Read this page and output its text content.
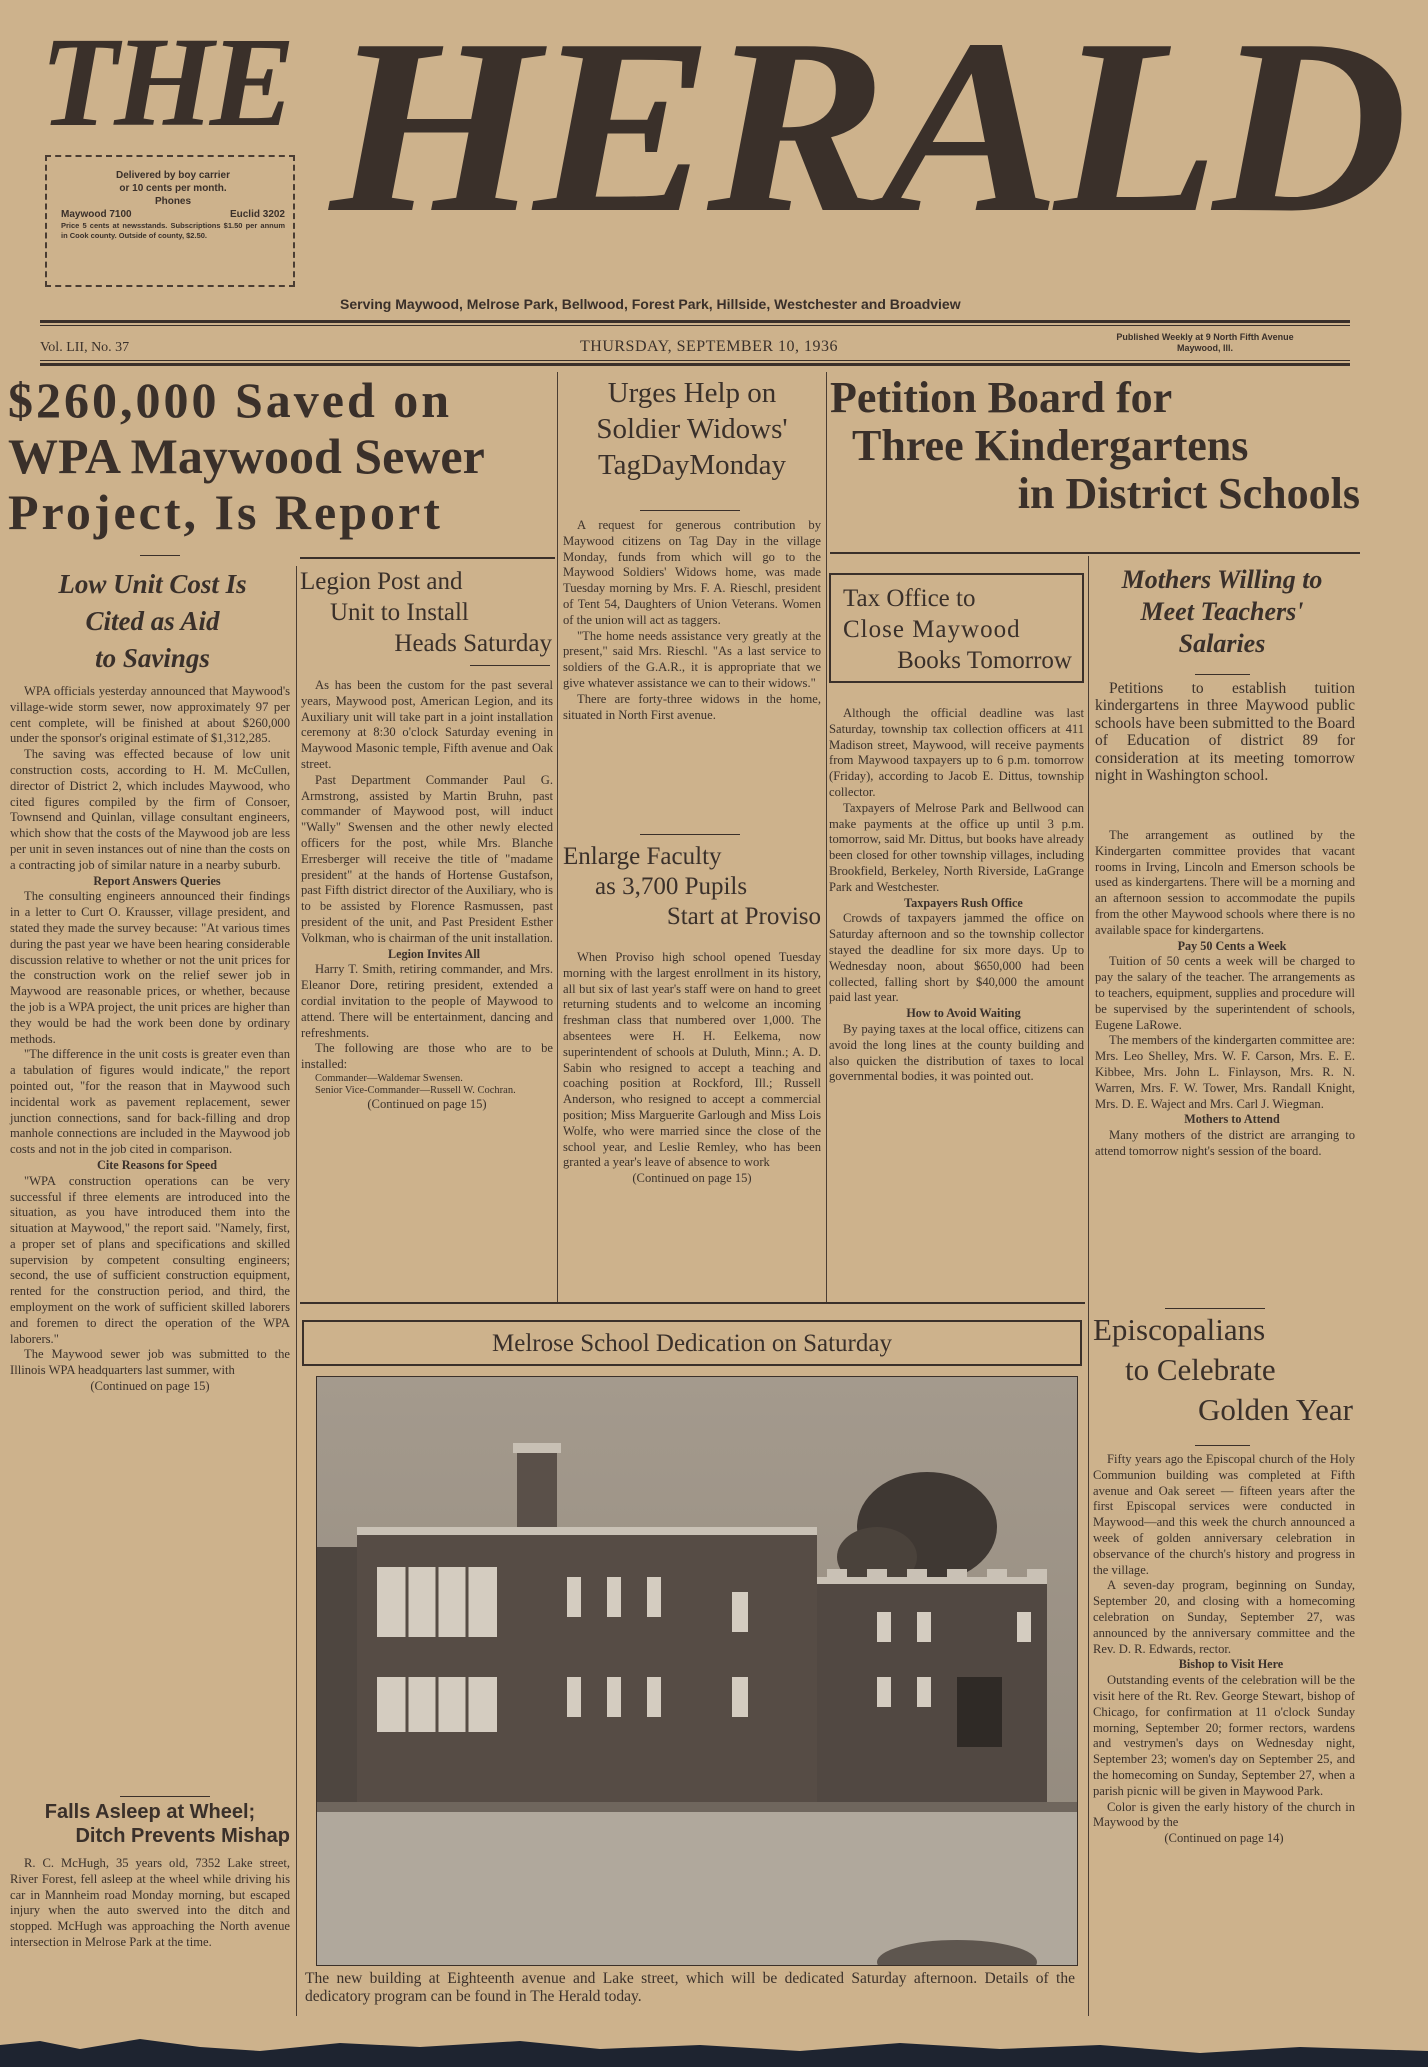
THE HERALD
Delivered by boy carrier
or 10 cents per month.
Phones
Maywood 7100	Euclid 3202
Price 5 cents at newsstands. Subscriptions $1.50 per annum in Cook county. Outside of county, $2.50.
Serving Maywood, Melrose Park, Bellwood, Forest Park, Hillside, Westchester and Broadview
Vol. LII, No. 37	THURSDAY, SEPTEMBER 10, 1936
Published Weekly at 9 North Fifth Avenue
Maywood, Ill.
$260,000 Saved on
WPA Maywood Sewer
Project, Is Report
Low Unit Cost Is
Cited as Aid
to Savings

WPA officials yesterday announced that Maywood's village-wide storm sewer, now approximately 97 per cent complete, will be finished at about $260,000 under the sponsor's original estimate of $1,312,285.

The saving was effected because of low unit construction costs, according to H. M. McCullen, director of District 2, which includes Maywood, who cited figures compiled by the firm of Consoer, Townsend and Quinlan, village consultant engineers, which show that the costs of the Maywood job are less per unit in seven instances out of nine than the costs on a contracting job of similar nature in a nearby suburb.

Report Answers Queries

The consulting engineers announced their findings in a letter to Curt O. Krausser, village president, and stated they made the survey because: "At various times during the past year we have been hearing considerable discussion relative to whether or not the unit prices for the construction work on the relief sewer job in Maywood are reasonable prices, or whether, because the job is a WPA project, the unit prices are higher than they would be had the work been done by ordinary methods.

"The difference in the unit costs is greater even than a tabulation of figures would indicate," the report pointed out, "for the reason that in Maywood such incidental work as pavement replacement, sewer junction connections, sand for back-filling and drop manhole connections are included in the Maywood job costs and not in the job cited in comparison.

Cite Reasons for Speed

"WPA construction operations can be very successful if three elements are introduced into the situation, as you have introduced them into the situation at Maywood," the report said. "Namely, first, a proper set of plans and specifications and skilled supervision by competent consulting engineers; second, the use of sufficient construction equipment, rented for the construction period, and third, the employment on the work of sufficient skilled laborers and foremen to direct the operation of the WPA laborers."

The Maywood sewer job was submitted to the Illinois WPA headquarters last summer, with

(Continued on page 15)
Falls Asleep at Wheel;
Ditch Prevents Mishap

R. C. McHugh, 35 years old, 7352 Lake street, River Forest, fell asleep at the wheel while driving his car in Mannheim road Monday morning, but escaped injury when the auto swerved into the ditch and stopped. McHugh was approaching the North avenue intersection in Melrose Park at the time.

Legion Post and
Unit to Install
Heads Saturday

As has been the custom for the past several years, Maywood post, American Legion, and its Auxiliary unit will take part in a joint installation ceremony at 8:30 o'clock Saturday evening in Maywood Masonic temple, Fifth avenue and Oak street.

Past Department Commander Paul G. Armstrong, assisted by Martin Bruhn, past commander of Maywood post, will induct "Wally" Swensen and the other newly elected officers for the post, while Mrs. Blanche Erresberger will receive the title of "madame president" at the hands of Hortense Gustafson, past Fifth district director of the Auxiliary, who is to be assisted by Florence Rasmussen, past president of the unit, and Past President Esther Volkman, who is chairman of the unit installation.

Legion Invites All

Harry T. Smith, retiring commander, and Mrs. Eleanor Dore, retiring president, extended a cordial invitation to the people of Maywood to attend. There will be entertainment, dancing and refreshments.

The following are those who are to be installed:

Commander—Waldemar Swensen.
Senior Vice-Commander—Russell W. Cochran.
(Continued on page 15)
Urges Help on
Soldier Widows'
TagDayMonday

A request for generous contribution by Maywood citizens on Tag Day in the village Monday, funds from which will go to the Maywood Soldiers' Widows home, was made Tuesday morning by Mrs. F. A. Rieschl, president of Tent 54, Daughters of Union Veterans. Women of the union will act as taggers.

"The home needs assistance very greatly at the present," said Mrs. Rieschl. "As a last service to soldiers of the G.A.R., it is appropriate that we give whatever assistance we can to their widows."

There are forty-three widows in the home, situated in North First avenue.

Enlarge Faculty
as 3,700 Pupils
Start at Proviso

When Proviso high school opened Tuesday morning with the largest enrollment in its history, all but six of last year's staff were on hand to greet returning students and to welcome an incoming freshman class that numbered over 1,000. The absentees were H. H. Eelkema, now superintendent of schools at Duluth, Minn.; A. D. Sabin who resigned to accept a teaching and coaching position at Rockford, Ill.; Russell Anderson, who resigned to accept a commercial position; Miss Marguerite Garlough and Miss Lois Wolfe, who were married since the close of the school year, and Leslie Remley, who has been granted a year's leave of absence to work

(Continued on page 15)
Petition Board for
Three Kindergartens
in District Schools
Tax Office to
Close Maywood
Books Tomorrow

Although the official deadline was last Saturday, township tax collection officers at 411 Madison street, Maywood, will receive payments from Maywood taxpayers up to 6 p.m. tomorrow (Friday), according to Jacob E. Dittus, township collector.

Taxpayers of Melrose Park and Bellwood can make payments at the office up until 3 p.m. tomorrow, said Mr. Dittus, but books have already been closed for other township villages, including Brookfield, Berkeley, North Riverside, LaGrange Park and Westchester.

Taxpayers Rush Office

Crowds of taxpayers jammed the office on Saturday afternoon and so the township collector stayed the deadline for six more days. Up to Wednesday noon, about $650,000 had been collected, falling short by $40,000 the amount paid last year.

How to Avoid Waiting

By paying taxes at the local office, citizens can avoid the long lines at the county building and also quicken the distribution of taxes to local governmental bodies, it was pointed out.

Mothers Willing to
Meet Teachers'
Salaries

Petitions to establish tuition kindergartens in three Maywood public schools have been submitted to the Board of Education of district 89 for consideration at its meeting tomorrow night in Washington school.

The arrangement as outlined by the Kindergarten committee provides that vacant rooms in Irving, Lincoln and Emerson schools be used as kindergartens. There will be a morning and an afternoon session to accommodate the pupils from the other Maywood schools where there is no available space for kindergartens.

Pay 50 Cents a Week

Tuition of 50 cents a week will be charged to pay the salary of the teacher. The arrangements as to teachers, equipment, supplies and procedure will be supervised by the superintendent of schools, Eugene LaRowe.

The members of the kindergarten committee are: Mrs. Leo Shelley, Mrs. W. F. Carson, Mrs. E. E. Kibbee, Mrs. John L. Finlayson, Mrs. R. N. Warren, Mrs. F. W. Tower, Mrs. Randall Knight, Mrs. D. E. Waject and Mrs. Carl J. Wiegman.

Mothers to Attend

Many mothers of the district are arranging to attend tomorrow night's session of the board.

Episcopalians
to Celebrate
Golden Year

Fifty years ago the Episcopal church of the Holy Communion building was completed at Fifth avenue and Oak sereet — fifteen years after the first Episcopal services were conducted in Maywood—and this week the church announced a week of golden anniversary celebration in observance of the church's history and progress in the village.

A seven-day program, beginning on Sunday, September 20, and closing with a homecoming celebration on Sunday, September 27, was announced by the anniversary committee and the Rev. D. R. Edwards, rector.

Bishop to Visit Here

Outstanding events of the celebration will be the visit here of the Rt. Rev. George Stewart, bishop of Chicago, for confirmation at 11 o'clock Sunday morning, September 20; former rectors, wardens and vestrymen's days on Wednesday night, September 23; women's day on September 25, and the homecoming on Sunday, September 27, when a parish picnic will be given in Maywood Park.

Color is given the early history of the church in Maywood by the

(Continued on page 14)
Melrose School Dedication on Saturday
The new building at Eighteenth avenue and Lake street, which will be dedicated Saturday afternoon. Details of the dedicatory program can be found in The Herald today.
